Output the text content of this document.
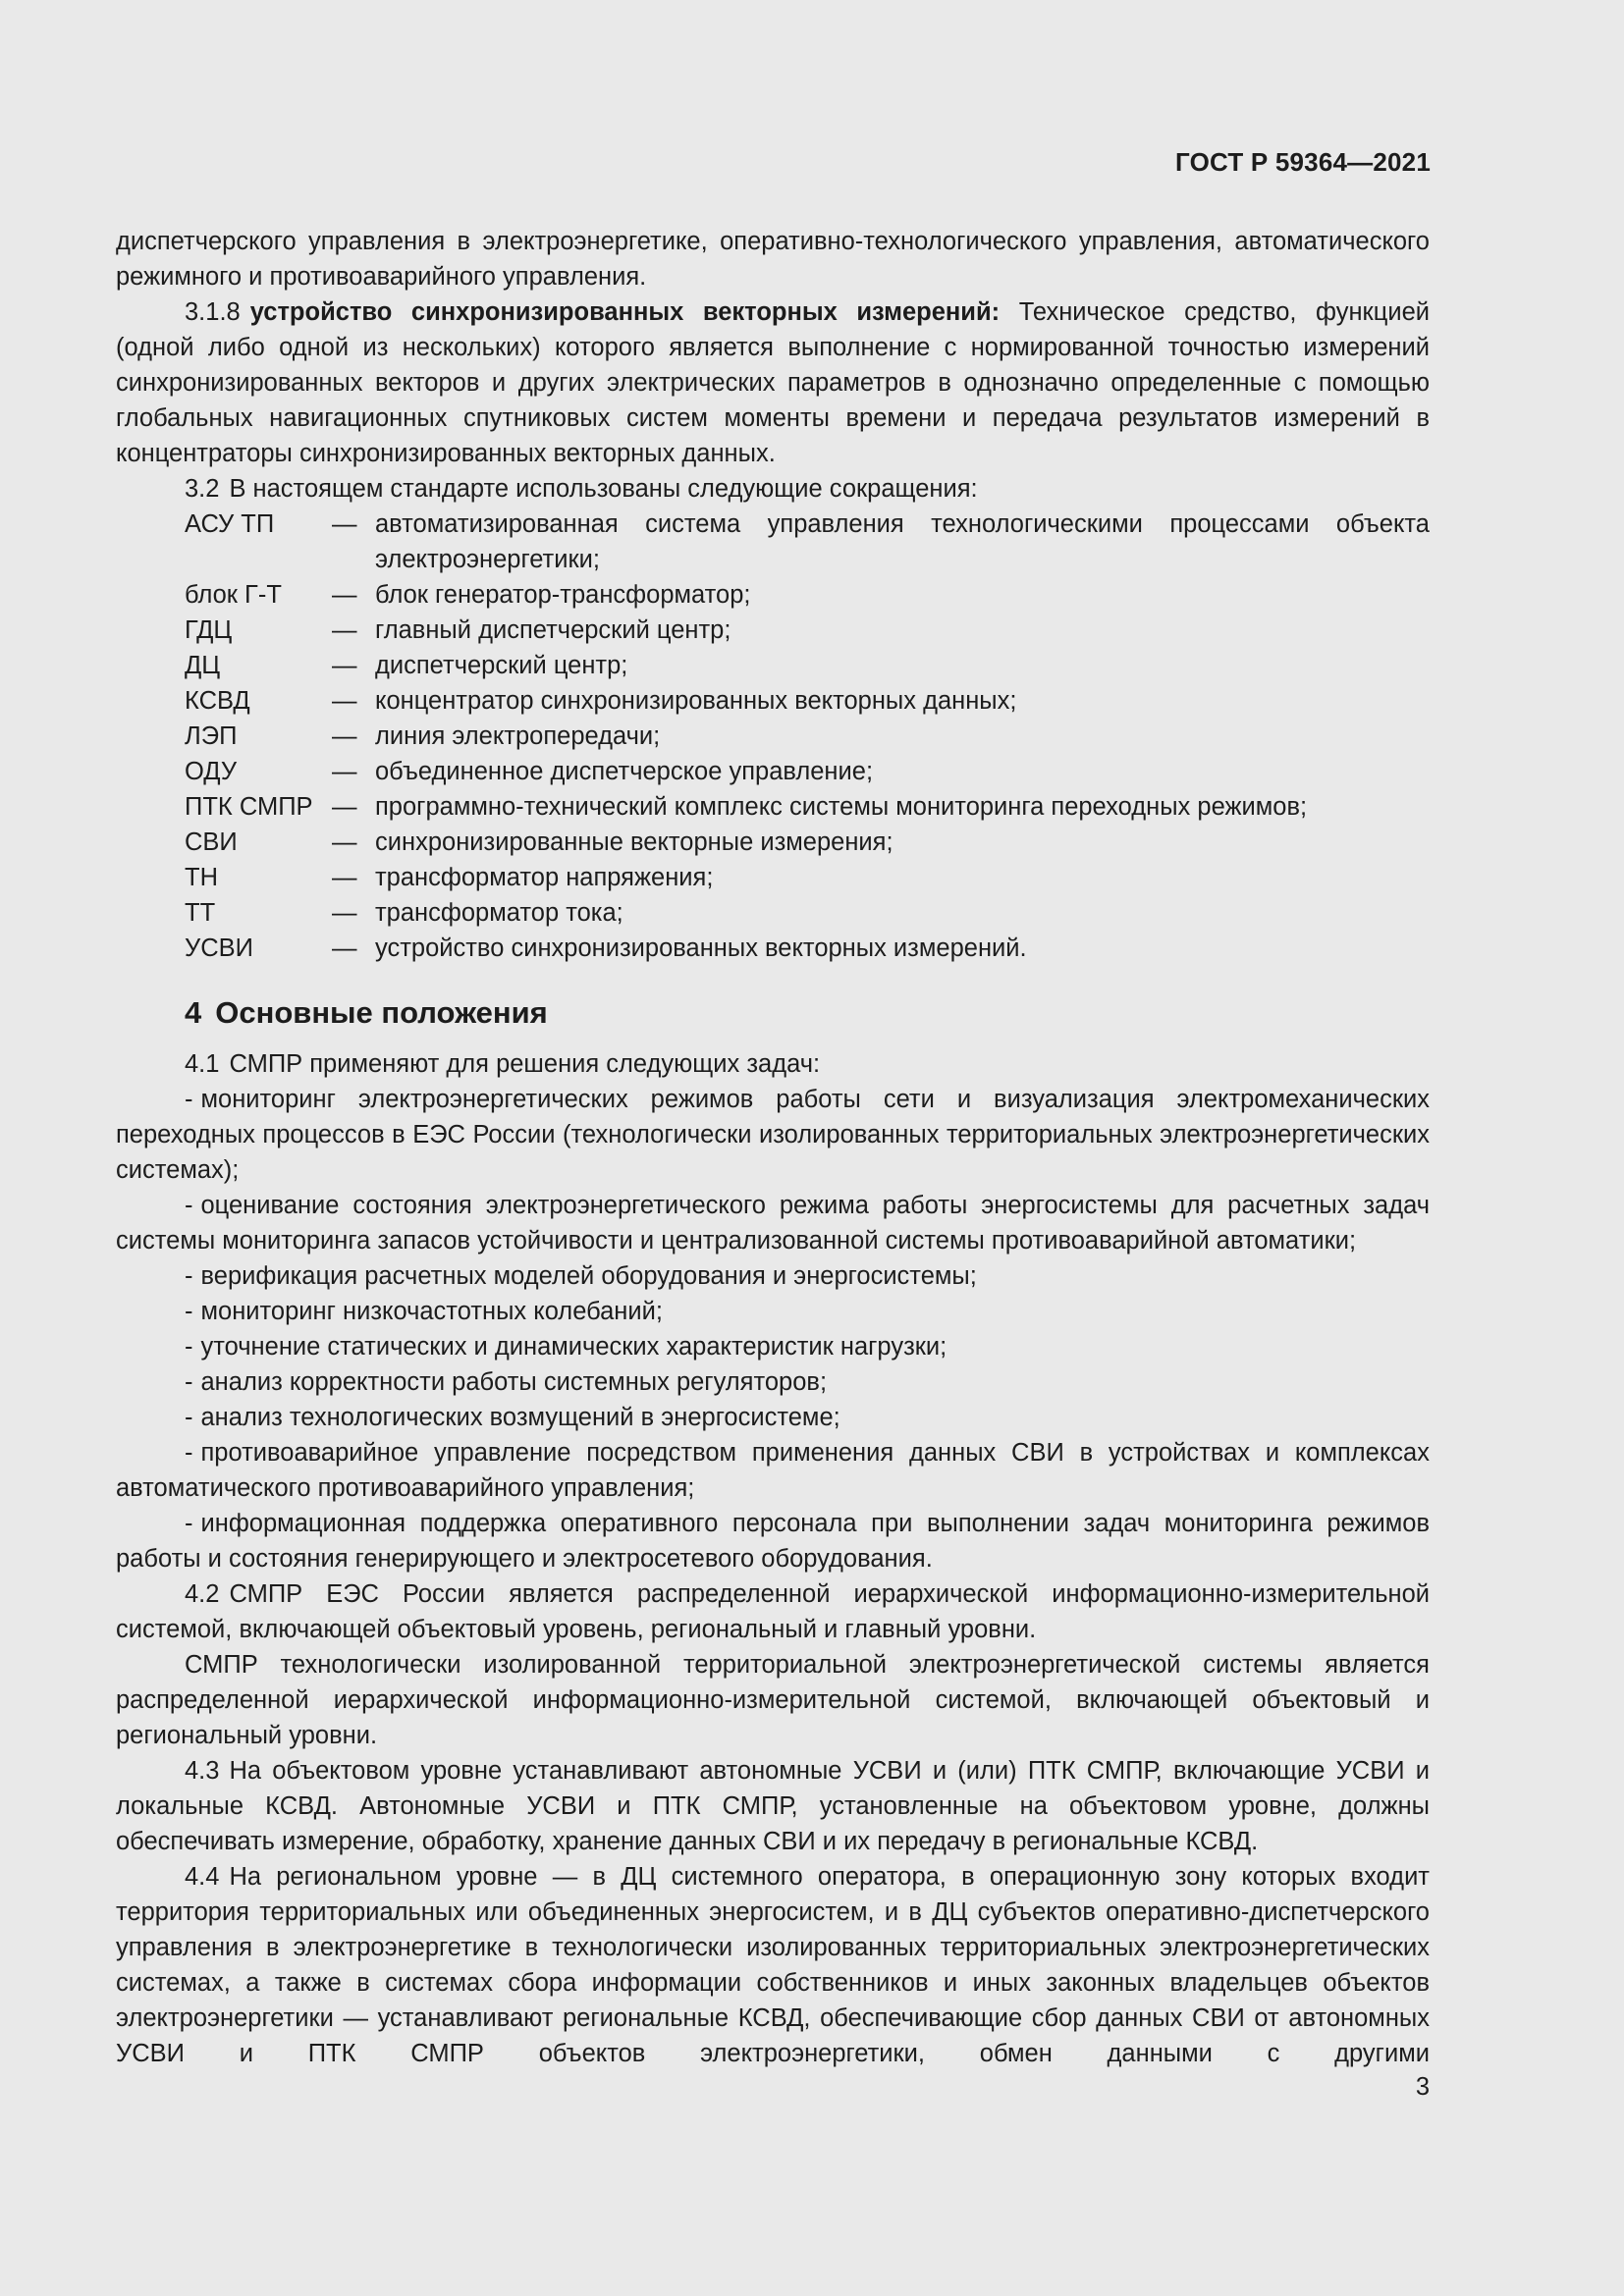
ГОСТ Р 59364—2021

диспетчерского управления в электроэнергетике, оперативно-технологического управления, автоматического режимного и противоаварийного управления.

3.1.8 устройство синхронизированных векторных измерений: Техническое средство, функцией (одной либо одной из нескольких) которого является выполнение с нормированной точностью измерений синхронизированных векторов и других электрических параметров в однозначно определенные с помощью глобальных навигационных спутниковых систем моменты времени и передача результатов измерений в концентраторы синхронизированных векторных данных.

3.2 В настоящем стандарте использованы следующие сокращения:

АСУ ТП	— автоматизированная система управления технологическими процессами объекта электроэнергетики;
блок Г-Т	— блок генератор-трансформатор;
ГДЦ	— главный диспетчерский центр;
ДЦ	— диспетчерский центр;
КСВД	— концентратор синхронизированных векторных данных;
ЛЭП	— линия электропередачи;
ОДУ	— объединенное диспетчерское управление;
ПТК СМПР — программно-технический комплекс системы мониторинга переходных режимов;
СВИ	— синхронизированные векторные измерения;
ТН	— трансформатор напряжения;
ТТ	— трансформатор тока;
УСВИ	— устройство синхронизированных векторных измерений.
4 Основные положения

4.1 СМПР применяют для решения следующих задач:

- мониторинг электроэнергетических режимов работы сети и визуализация электромеханических переходных процессов в ЕЭС России (технологически изолированных территориальных электроэнергетических системах);

- оценивание состояния электроэнергетического режима работы энергосистемы для расчетных задач системы мониторинга запасов устойчивости и централизованной системы противоаварийной автоматики;

- верификация расчетных моделей оборудования и энергосистемы;

- мониторинг низкочастотных колебаний;

- уточнение статических и динамических характеристик нагрузки;

- анализ корректности работы системных регуляторов;

- анализ технологических возмущений в энергосистеме;

- противоаварийное управление посредством применения данных СВИ в устройствах и комплексах автоматического противоаварийного управления;

- информационная поддержка оперативного персонала при выполнении задач мониторинга режимов работы и состояния генерирующего и электросетевого оборудования.

4.2 СМПР ЕЭС России является распределенной иерархической информационно-измерительной системой, включающей объектовый уровень, региональный и главный уровни.

СМПР технологически изолированной территориальной электроэнергетической системы является распределенной иерархической информационно-измерительной системой, включающей объектовый и региональный уровни.

4.3 На объектовом уровне устанавливают автономные УСВИ и (или) ПТК СМПР, включающие УСВИ и локальные КСВД. Автономные УСВИ и ПТК СМПР, установленные на объектовом уровне, должны обеспечивать измерение, обработку, хранение данных СВИ и их передачу в региональные КСВД.

4.4 На региональном уровне — в ДЦ системного оператора, в операционную зону которых входит территория территориальных или объединенных энергосистем, и в ДЦ субъектов оперативно-диспетчерского управления в электроэнергетике в технологически изолированных территориальных электроэнергетических системах, а также в системах сбора информации собственников и иных законных владельцев объектов электроэнергетики — устанавливают региональные КСВД, обеспечивающие сбор данных СВИ от автономных УСВИ и ПТК СМПР объектов электроэнергетики, обмен данными с другими

3
